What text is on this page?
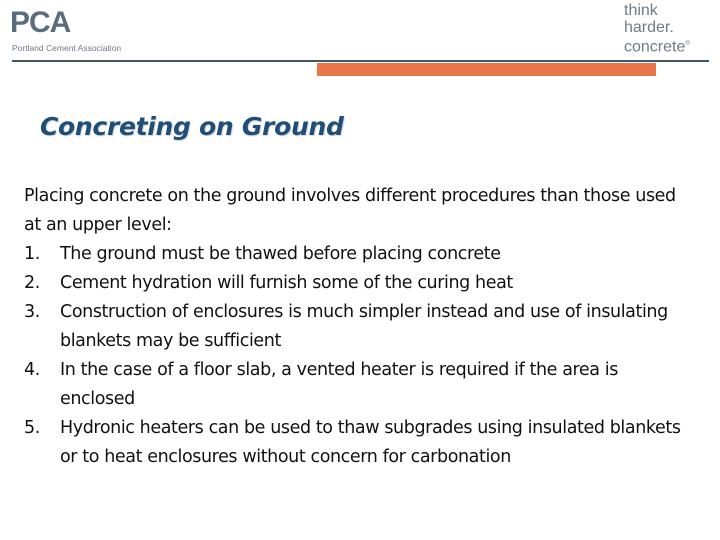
PCA
Portland Cement Association
think
harder.
concrete®
Concreting on Ground

Placing concrete on the ground involves different procedures than those used at an upper level:

1.	The ground must be thawed before placing concrete
2.	Cement hydration will furnish some of the curing heat
3.	Construction of enclosures is much simpler instead and use of insulating blankets may be sufficient
4.	In the case of a floor slab, a vented heater is required if the area is enclosed
5.	Hydronic heaters can be used to thaw subgrades using insulated blankets or to heat enclosures without concern for carbonation
